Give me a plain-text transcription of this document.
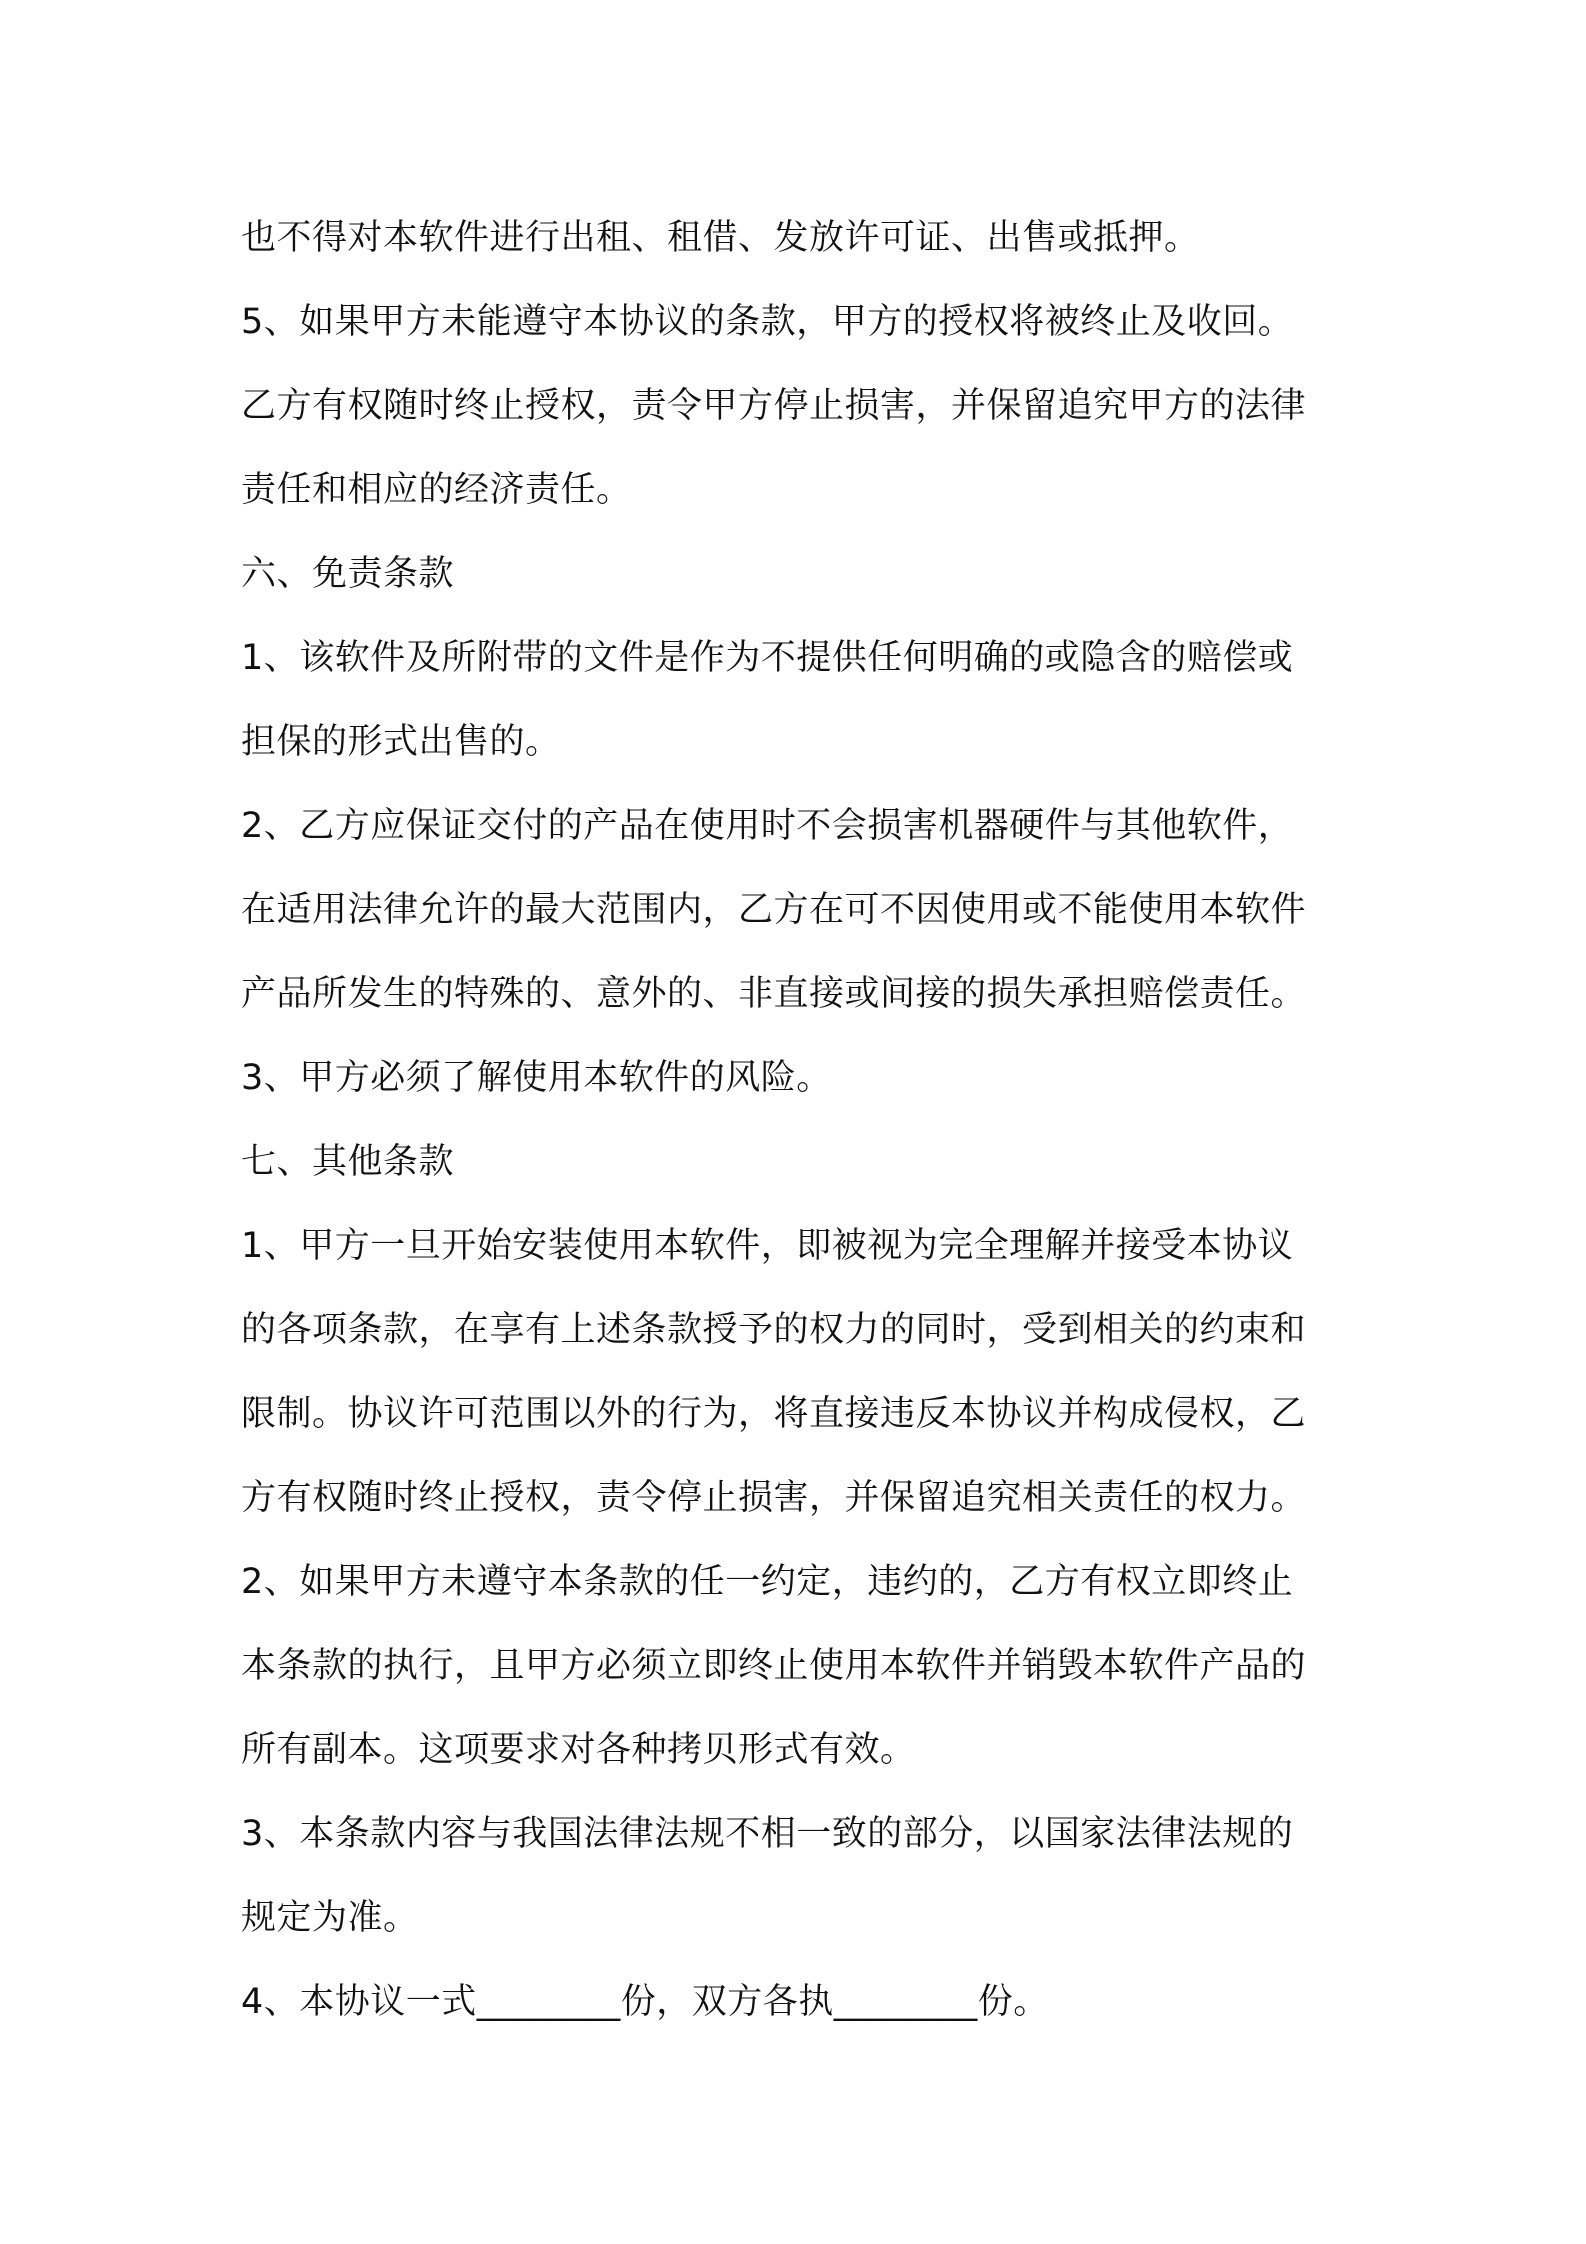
也不得对本软件进行出租、租借、发放许可证、出售或抵押。
5、如果甲方未能遵守本协议的条款，甲方的授权将被终止及收回。
乙方有权随时终止授权，责令甲方停止损害，并保留追究甲方的法律
责任和相应的经济责任。
六、免责条款
1、该软件及所附带的文件是作为不提供任何明确的或隐含的赔偿或
担保的形式出售的。
2、乙方应保证交付的产品在使用时不会损害机器硬件与其他软件，
在适用法律允许的最大范围内，乙方在可不因使用或不能使用本软件
产品所发生的特殊的、意外的、非直接或间接的损失承担赔偿责任。
3、甲方必须了解使用本软件的风险。
七、其他条款
1、甲方一旦开始安装使用本软件，即被视为完全理解并接受本协议
的各项条款，在享有上述条款授予的权力的同时，受到相关的约束和
限制。协议许可范围以外的行为，将直接违反本协议并构成侵权，乙
方有权随时终止授权，责令停止损害，并保留追究相关责任的权力。
2、如果甲方未遵守本条款的任一约定，违约的，乙方有权立即终止
本条款的执行，且甲方必须立即终止使用本软件并销毁本软件产品的
所有副本。这项要求对各种拷贝形式有效。
3、本条款内容与我国法律法规不相一致的部分，以国家法律法规的
规定为准。
4、本协议一式________份，双方各执________份。
